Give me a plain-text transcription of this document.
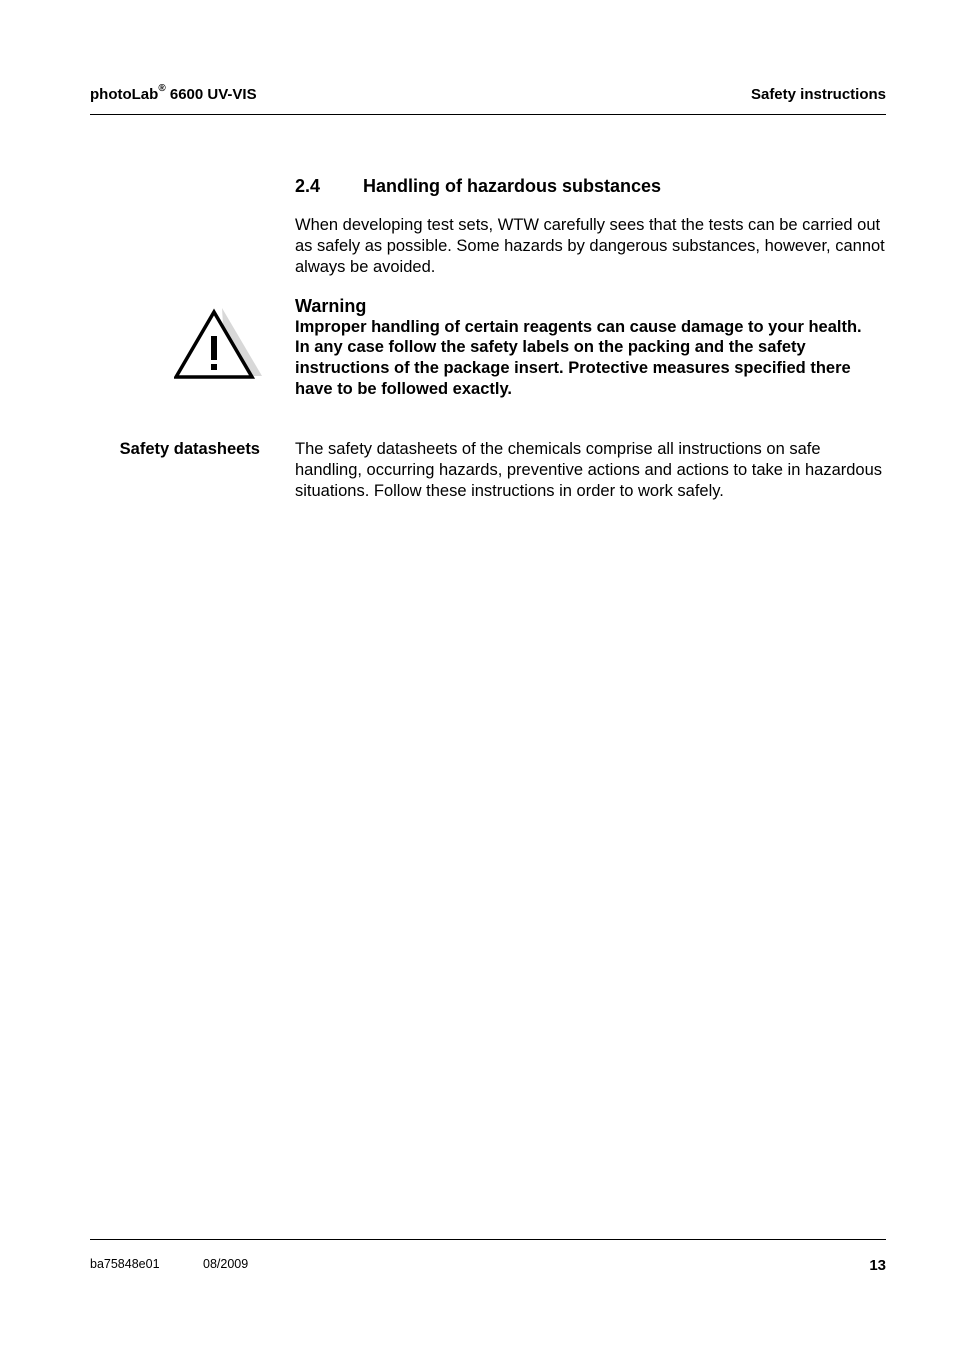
photoLab® 6600 UV-VIS	Safety instructions
2.4 Handling of hazardous substances
When developing test sets, WTW carefully sees that the tests can be carried out as safely as possible. Some hazards by dangerous substances, however, cannot always be avoided.
Warning
Improper handling of certain reagents can cause damage to your health.
In any case follow the safety labels on the packing and the safety instructions of the package insert. Protective measures specified there have to be followed exactly.
Safety datasheets The safety datasheets of the chemicals comprise all instructions on safe handling, occurring hazards, preventive actions and actions to take in hazardous situations. Follow these instructions in order to work safely.
ba75848e01	08/2009	13
